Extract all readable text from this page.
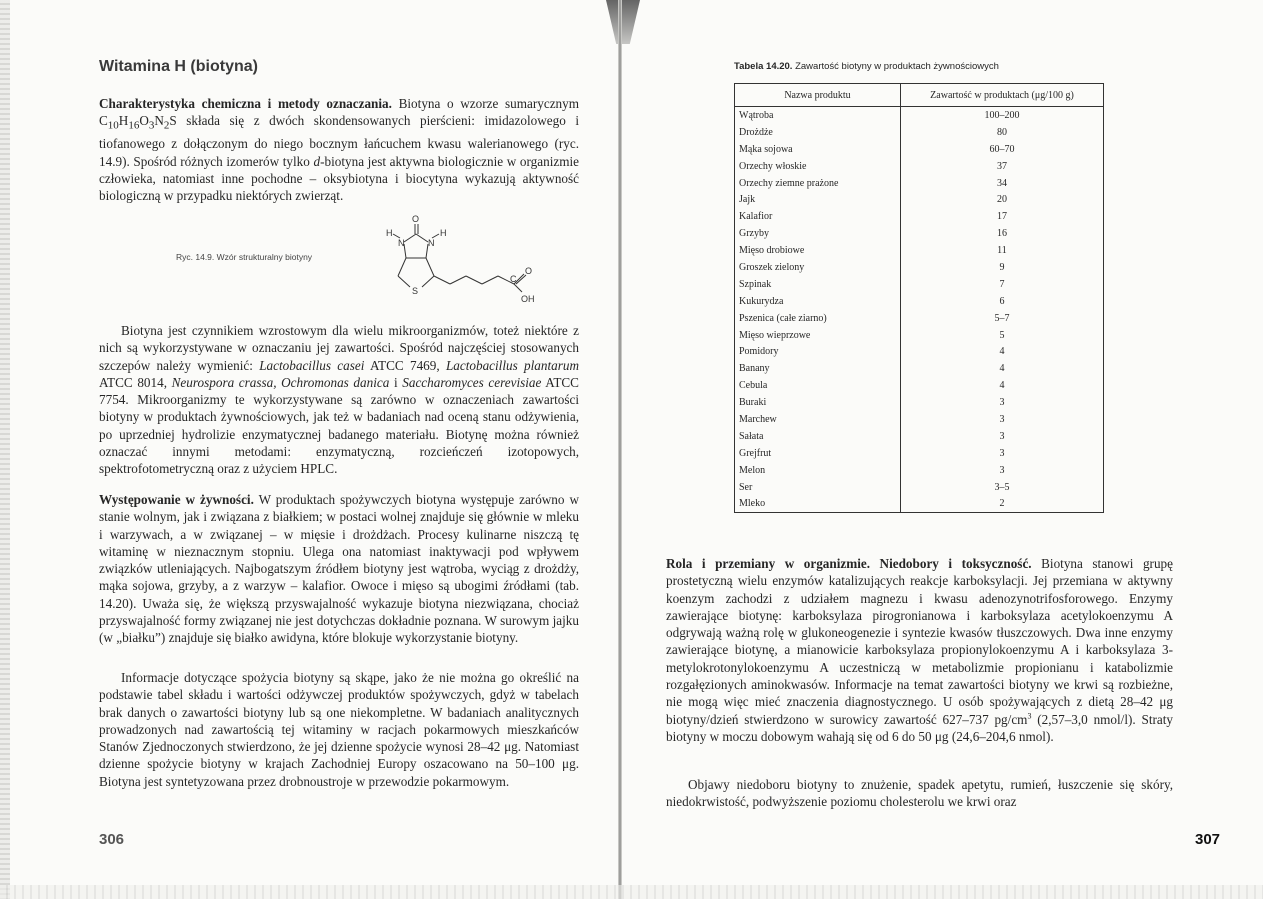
Witamina H (biotyna)

Charakterystyka chemiczna i metody oznaczania. Biotyna o wzorze sumarycznym $C_{10}H_{16}O_3N_2S$ składa się z dwóch skondensowanych pierścieni: imidazolowego i tiofanowego z dołączonym do niego bocznym łańcuchem kwasu walerianowego (ryc. 14.9). Spośród różnych izomerów tylko d-biotyna jest aktywna biologicznie w organizmie człowieka, natomiast inne pochodne – oksybiotyna i biocytyna wykazują aktywność biologiczną w przypadku niektórych zwierząt.

Ryc. 14.9. Wzór strukturalny biotyny
O
H	H
N	N
S
O
C
OH

Biotyna jest czynnikiem wzrostowym dla wielu mikroorganizmów, toteż niektóre z nich są wykorzystywane w oznaczaniu jej zawartości. Spośród najczęściej stosowanych szczepów należy wymienić: Lactobacillus casei ATCC 7469, Lactobacillus plantarum ATCC 8014, Neurospora crassa, Ochromonas danica i Saccharomyces cerevisiae ATCC 7754. Mikroorganizmy te wykorzystywane są zarówno w oznaczeniach zawartości biotyny w produktach żywnościowych, jak też w badaniach nad oceną stanu odżywienia, po uprzedniej hydrolizie enzymatycznej badanego materiału. Biotynę można również oznaczać innymi metodami: enzymatyczną, rozcieńczeń izotopowych, spektrofotometryczną oraz z użyciem HPLC.

Występowanie w żywności. W produktach spożywczych biotyna występuje zarówno w stanie wolnym, jak i związana z białkiem; w postaci wolnej znajduje się głównie w mleku i warzywach, a w związanej – w mięsie i drożdżach. Procesy kulinarne niszczą tę witaminę w nieznacznym stopniu. Ulega ona natomiast inaktywacji pod wpływem związków utleniających. Najbogatszym źródłem biotyny jest wątroba, wyciąg z drożdży, mąka sojowa, grzyby, a z warzyw – kalafior. Owoce i mięso są ubogimi źródłami (tab. 14.20). Uważa się, że większą przyswajalność wykazuje biotyna niezwiązana, chociaż przyswajalność formy związanej nie jest dotychczas dokładnie poznana. W surowym jajku (w „białku”) znajduje się białko awidyna, które blokuje wykorzystanie biotyny.

Informacje dotyczące spożycia biotyny są skąpe, jako że nie można go określić na podstawie tabel składu i wartości odżywczej produktów spożywczych, gdyż w tabelach brak danych o zawartości biotyny lub są one niekompletne. W badaniach analitycznych prowadzonych nad zawartością tej witaminy w racjach pokarmowych mieszkańców Stanów Zjednoczonych stwierdzono, że jej dzienne spożycie wynosi 28–42 μg. Natomiast dzienne spożycie biotyny w krajach Zachodniej Europy oszacowano na 50–100 μg. Biotyna jest syntetyzowana przez drobnoustroje w przewodzie pokarmowym.

306

Tabela 14.20. Zawartość biotyny w produktach żywnościowych

Nazwa produktu	Zawartość w produktach (μg/100 g)
Wątroba	100–200
Drożdże	80
Mąka sojowa	60–70
Orzechy włoskie	37
Orzechy ziemne prażone	34
Jajk	20
Kalafior	17
Grzyby	16
Mięso drobiowe	11
Groszek zielony	9
Szpinak	7
Kukurydza	6
Pszenica (całe ziarno)	5–7
Mięso wieprzowe	5
Pomidory	4
Banany	4
Cebula	4
Buraki	3
Marchew	3
Sałata	3
Grejfrut	3
Melon	3
Ser	3–5
Mleko	2

Rola i przemiany w organizmie. Niedobory i toksyczność. Biotyna stanowi grupę prostetyczną wielu enzymów katalizujących reakcje karboksylacji. Jej przemiana w aktywny koenzym zachodzi z udziałem magnezu i kwasu adenozynotrifosforowego. Enzymy zawierające biotynę: karboksylaza pirogronianowa i karboksylaza acetylokoenzymu A odgrywają ważną rolę w glukoneogenezie i syntezie kwasów tłuszczowych. Dwa inne enzymy zawierające biotynę, a mianowicie karboksylaza propionylokoenzymu A i karboksylaza 3-metylokrotonylokoenzymu A uczestniczą w metabolizmie propionianu i katabolizmie rozgałęzionych aminokwasów. Informacje na temat zawartości biotyny we krwi są rozbieżne, nie mogą więc mieć znaczenia diagnostycznego. U osób spożywających z dietą 28–42 μg biotyny/dzień stwierdzono w surowicy zawartość 627–737 $pg/cm^3$ (2,57–3,0 nmol/l). Straty biotyny w moczu dobowym wahają się od 6 do 50 μg (24,6–204,6 nmol).

Objawy niedoboru biotyny to znużenie, spadek apetytu, rumień, łuszczenie się skóry, niedokrwistość, podwyższenie poziomu cholesterolu we krwi oraz

307
